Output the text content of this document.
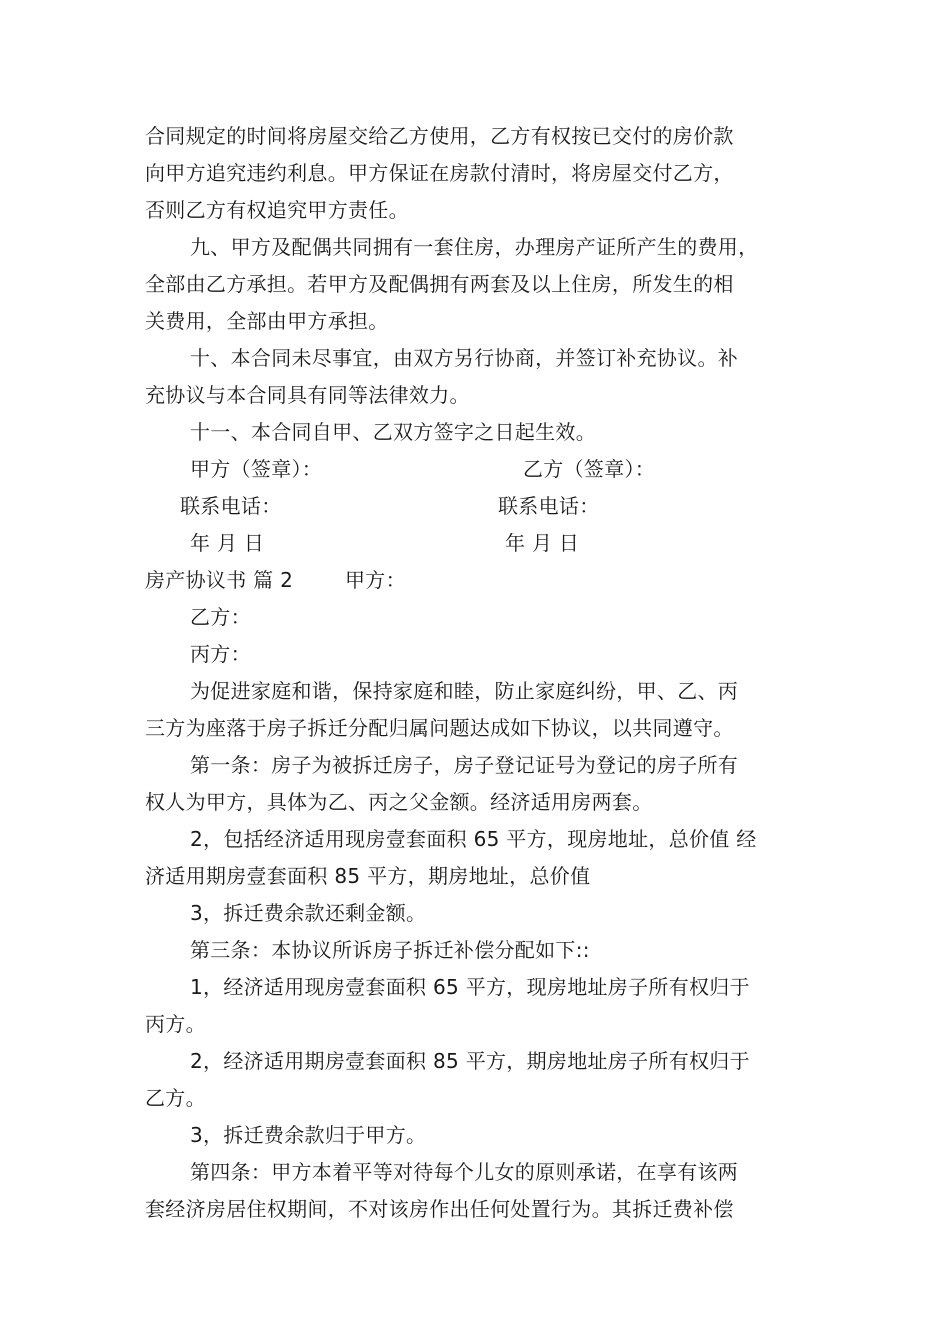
合同规定的时间将房屋交给乙方使用，乙方有权按已交付的房价款
向甲方追究违约利息。甲方保证在房款付清时，将房屋交付乙方，
否则乙方有权追究甲方责任。
九、甲方及配偶共同拥有一套住房，办理房产证所产生的费用，
全部由乙方承担。若甲方及配偶拥有两套及以上住房，所发生的相
关费用，全部由甲方承担。
十、本合同未尽事宜，由双方另行协商，并签订补充协议。补
充协议与本合同具有同等法律效力。
十一、本合同自甲、乙双方签字之日起生效。
甲方（签章）：	乙方（签章）：
联系电话：	联系电话：
年 月 日	年 月 日
房产协议书 篇 2	甲方：
乙方：
丙方：
为促进家庭和谐，保持家庭和睦，防止家庭纠纷，甲、乙、丙
三方为座落于房子拆迁分配归属问题达成如下协议，以共同遵守。
第一条：房子为被拆迁房子，房子登记证号为登记的房子所有
权人为甲方，具体为乙、丙之父金额。经济适用房两套。
2，包括经济适用现房壹套面积 65 平方，现房地址，总价值 经
济适用期房壹套面积 85 平方，期房地址，总价值
3，拆迁费余款还剩金额。
第三条：本协议所诉房子拆迁补偿分配如下::
1，经济适用现房壹套面积 65 平方，现房地址房子所有权归于
丙方。
2，经济适用期房壹套面积 85 平方，期房地址房子所有权归于
乙方。
3，拆迁费余款归于甲方。
第四条：甲方本着平等对待每个儿女的原则承诺，在享有该两
套经济房居住权期间，不对该房作出任何处置行为。其拆迁费补偿
